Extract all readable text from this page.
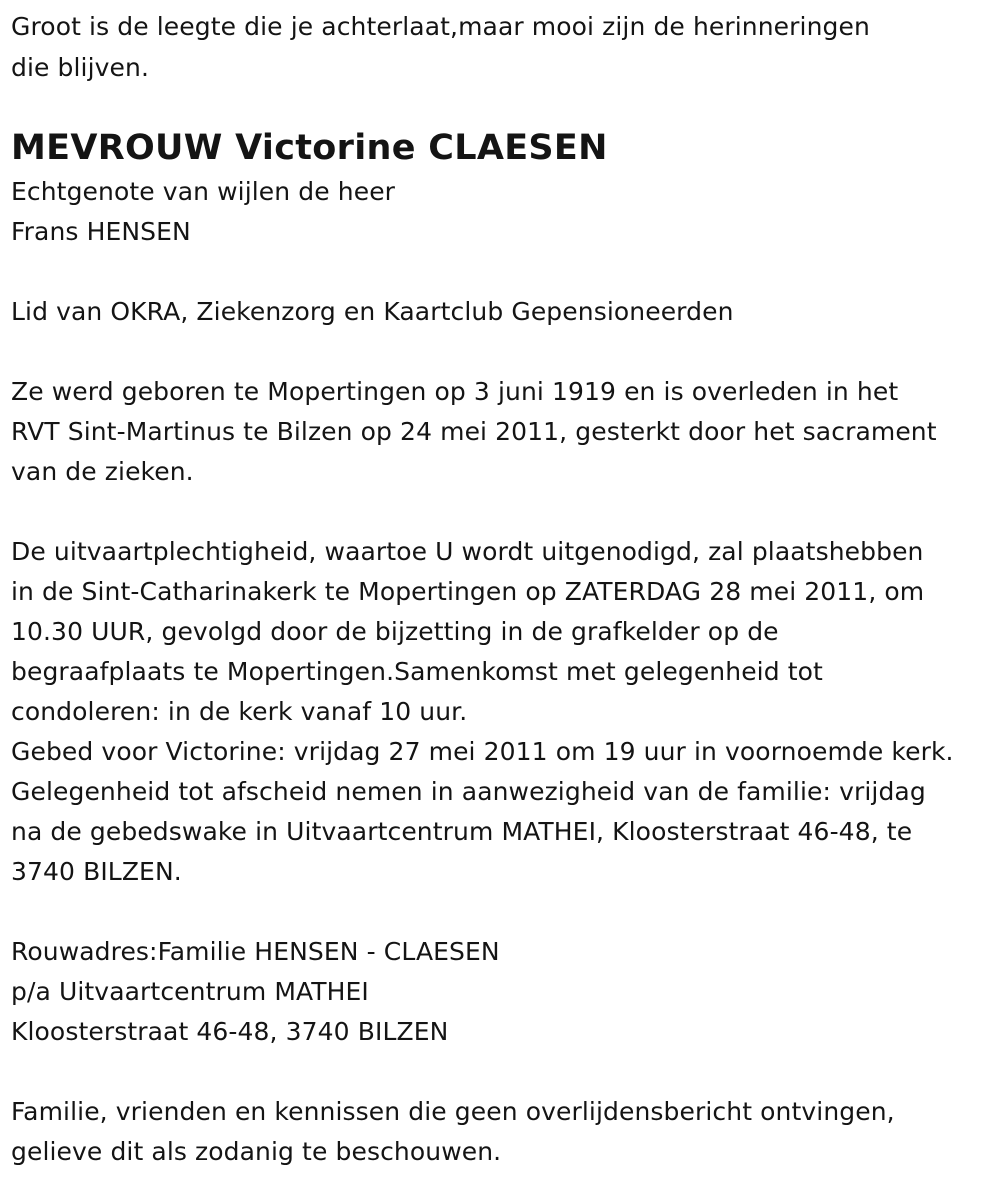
Groot is de leegte die je achterlaat,maar mooi zijn de herinneringen
die blijven.
MEVROUW Victorine CLAESEN
Echtgenote van wijlen de heer
Frans HENSEN
Lid van OKRA, Ziekenzorg en Kaartclub Gepensioneerden
Ze werd geboren te Mopertingen op 3 juni 1919 en is overleden in het
RVT Sint-Martinus te Bilzen op 24 mei 2011, gesterkt door het sacrament
van de zieken.
De uitvaartplechtigheid, waartoe U wordt uitgenodigd, zal plaatshebben
in de Sint-Catharinakerk te Mopertingen op ZATERDAG 28 mei 2011, om
10.30 UUR, gevolgd door de bijzetting in de grafkelder op de
begraafplaats te Mopertingen.Samenkomst met gelegenheid tot
condoleren: in de kerk vanaf 10 uur.
Gebed voor Victorine: vrijdag 27 mei 2011 om 19 uur in voornoemde kerk.
Gelegenheid tot afscheid nemen in aanwezigheid van de familie: vrijdag
na de gebedswake in Uitvaartcentrum MATHEI, Kloosterstraat 46-48, te
3740 BILZEN.
Rouwadres:Familie HENSEN - CLAESEN
p/a Uitvaartcentrum MATHEI
Kloosterstraat 46-48, 3740 BILZEN
Familie, vrienden en kennissen die geen overlijdensbericht ontvingen,
gelieve dit als zodanig te beschouwen.
